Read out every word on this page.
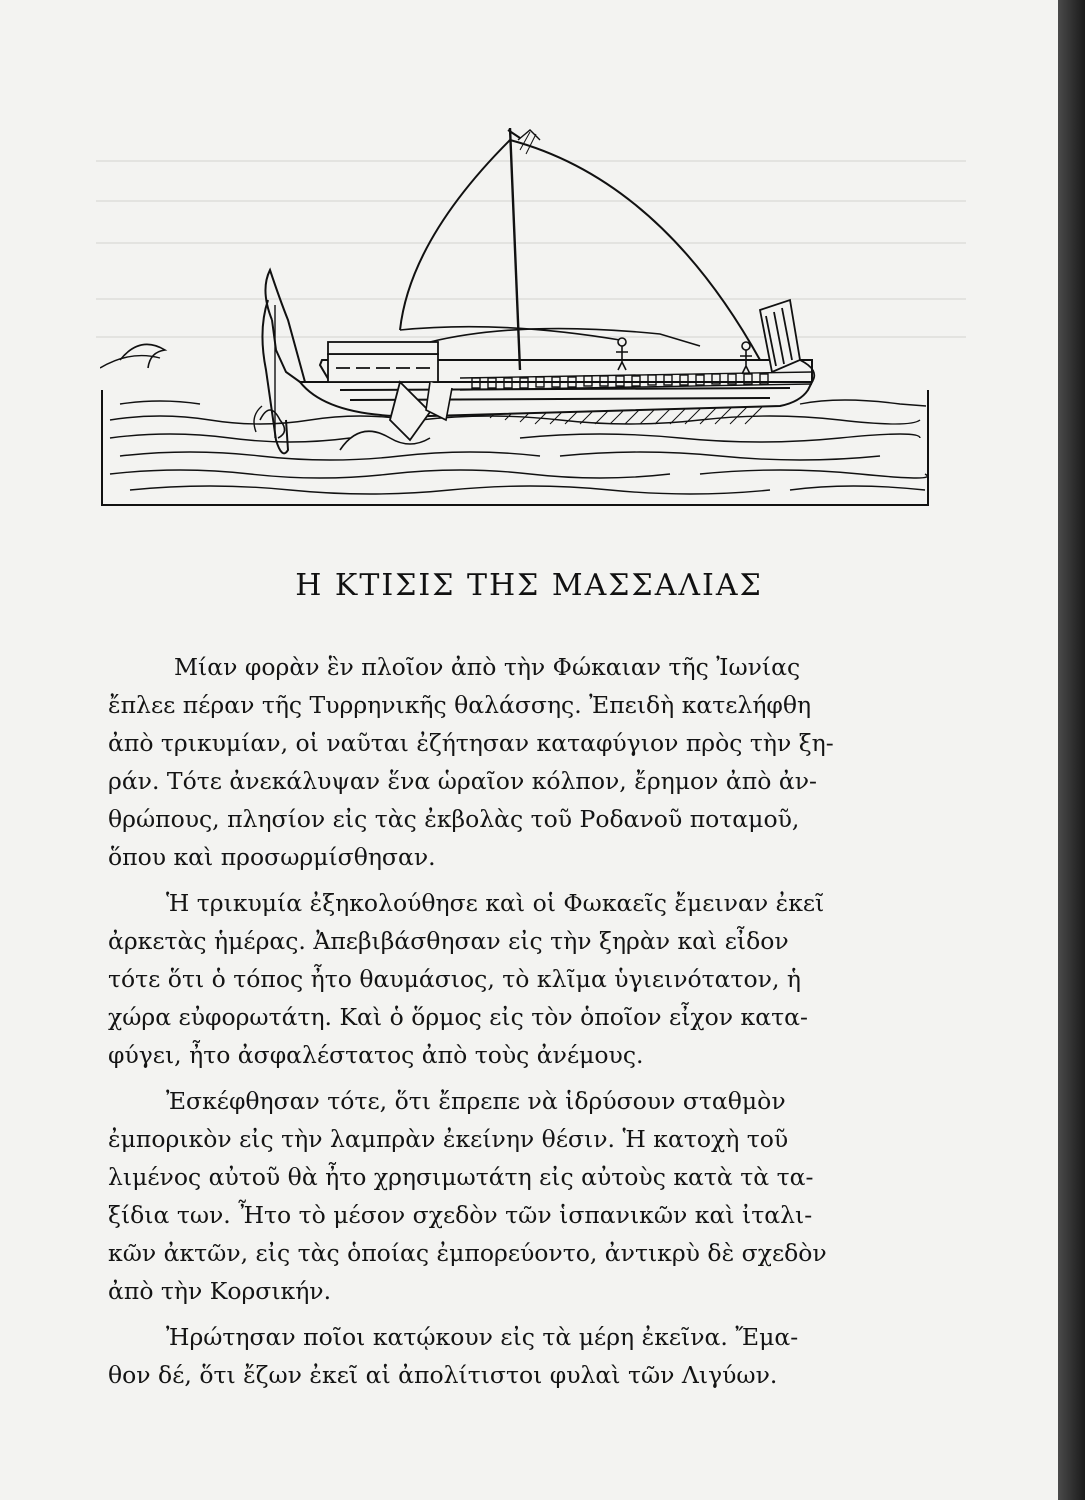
Η ΚΤΙΣΙΣ ΤΗΣ ΜΑΣΣΑΛΙΑΣ
Μίαν φορὰν ἓν πλοῖον ἀπὸ τὴν Φώκαιαν τῆς Ἰωνίας
ἔπλεε πέραν τῆς Τυρρηνικῆς θαλάσσης. Ἐπειδὴ κατελήφθη
ἀπὸ τρικυμίαν, οἱ ναῦται ἐζήτησαν καταφύγιον πρὸς τὴν ξη-
ράν. Τότε ἀνεκάλυψαν ἕνα ὡραῖον κόλπον, ἔρημον ἀπὸ ἀν-
θρώπους, πλησίον εἰς τὰς ἐκβολὰς τοῦ Ροδανοῦ ποταμοῦ,
ὅπου καὶ προσωρμίσθησαν.
Ἡ τρικυμία ἐξηκολούθησε καὶ οἱ Φωκαεῖς ἔμειναν ἐκεῖ
ἀρκετὰς ἡμέρας. Ἀπεβιβάσθησαν εἰς τὴν ξηρὰν καὶ εἶδον
τότε ὅτι ὁ τόπος ἦτο θαυμάσιος, τὸ κλῖμα ὑγιεινότατον, ἡ
χώρα εὐφορωτάτη. Καὶ ὁ ὅρμος εἰς τὸν ὁποῖον εἶχον κατα-
φύγει, ἦτο ἀσφαλέστατος ἀπὸ τοὺς ἀνέμους.
Ἐσκέφθησαν τότε, ὅτι ἔπρεπε νὰ ἱδρύσουν σταθμὸν
ἐμπορικὸν εἰς τὴν λαμπρὰν ἐκείνην θέσιν. Ἡ κατοχὴ τοῦ
λιμένος αὐτοῦ θὰ ἦτο χρησιμωτάτη εἰς αὐτοὺς κατὰ τὰ τα-
ξίδια των. Ἦτο τὸ μέσον σχεδὸν τῶν ἱσπανικῶν καὶ ἰταλι-
κῶν ἀκτῶν, εἰς τὰς ὁποίας ἐμπορεύοντο, ἀντικρὺ δὲ σχεδὸν
ἀπὸ τὴν Κορσικήν.
Ἠρώτησαν ποῖοι κατῴκουν εἰς τὰ μέρη ἐκεῖνα. Ἔμα-
θον δέ, ὅτι ἔζων ἐκεῖ αἱ ἀπολίτιστοι φυλαὶ τῶν Λιγύων.
